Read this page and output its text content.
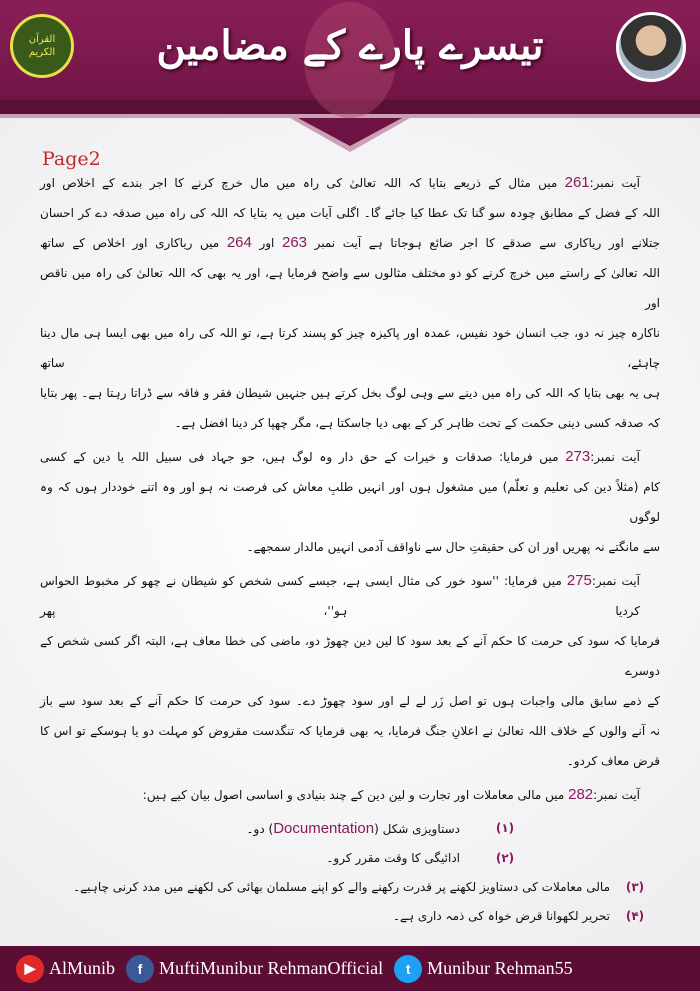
القرآن الکریم	تیسرے پارے کے مضامین
Page2
آیت نمبر:261 میں مثال کے ذریعے بتایا کہ اللہ تعالیٰ کی راہ میں مال خرچ کرنے کا اجر بندے کے اخلاص اور
اللہ کے فضل کے مطابق چودہ سو گنا تک عطا کیا جائے گا۔ اگلی آیات میں یہ بتایا کہ اللہ کی راہ میں صدقہ دے کر احسان
جتلانے اور ریاکاری سے صدقے کا اجر ضائع ہوجاتا ہے آیت نمبر 263 اور 264 میں ریاکاری اور اخلاص کے ساتھ
اللہ تعالیٰ کے راستے میں خرچ کرنے کو دو مختلف مثالوں سے واضح فرمایا ہے، اور یہ بھی کہ اللہ تعالیٰ کی راہ میں ناقص اور
ناکارہ چیز نہ دو، جب انسان خود نفیس، عمدہ اور پاکیزہ چیز کو پسند کرتا ہے، تو اللہ کی راہ میں بھی ایسا ہی مال دینا چاہئے، ساتھ
ہی یہ بھی بتایا کہ اللہ کی راہ میں دینے سے وہی لوگ بخل کرتے ہیں جنہیں شیطان فقر و فاقہ سے ڈراتا رہتا ہے۔ پھر بتایا
کہ صدقہ کسی دینی حکمت کے تحت ظاہر کر کے بھی دیا جاسکتا ہے، مگر چھپا کر دینا افضل ہے۔
آیت نمبر:273 میں فرمایا: صدقات و خیرات کے حق دار وہ لوگ ہیں، جو جہاد فی سبیل اللہ یا دین کے کسی
کام (مثلاً دین کی تعلیم و تعلّم) میں مشغول ہوں اور انہیں طلبِ معاش کی فرصت نہ ہو اور وہ اتنے خوددار ہوں کہ وہ لوگوں
سے مانگتے نہ پھریں اور ان کی حقیقتِ حال سے ناواقف آدمی انہیں مالدار سمجھے۔
آیت نمبر:275 میں فرمایا: ''سود خور کی مثال ایسی ہے، جیسے کسی شخص کو شیطان نے چھو کر مخبوط الحواس کردیا ہو''، پھر
فرمایا کہ سود کی حرمت کا حکم آنے کے بعد سود کا لین دین چھوڑ دو، ماضی کی خطا معاف ہے، البتہ اگر کسی شخص کے دوسرے
کے ذمے سابق مالی واجبات ہوں تو اصل زَر لے لے اور سود چھوڑ دے۔ سود کی حرمت کا حکم آنے کے بعد سود سے باز
نہ آنے والوں کے خلاف اللہ تعالیٰ نے اعلانِ جنگ فرمایا، یہ بھی فرمایا کہ تنگدست مقروض کو مہلت دو یا ہوسکے تو اس کا
قرض معاف کردو۔
آیت نمبر:282 میں مالی معاملات اور تجارت و لین دین کے چند بنیادی و اساسی اصول بیان کیے ہیں:
(۱)
دستاویزی شکل (Documentation) دو۔
(۲)
ادائیگی کا وقت مقرر کرو۔
(۳)
مالی معاملات کی دستاویز لکھنے پر قدرت رکھنے والے کو اپنے مسلمان بھائی کی لکھنے میں مدد کرنی چاہیے۔
(۴)
تحریر لکھوانا قرض خواہ کی ذمہ داری ہے۔
▶ AlMunib	f MuftiMunibur RehmanOfficial	t Munibur Rehman55
